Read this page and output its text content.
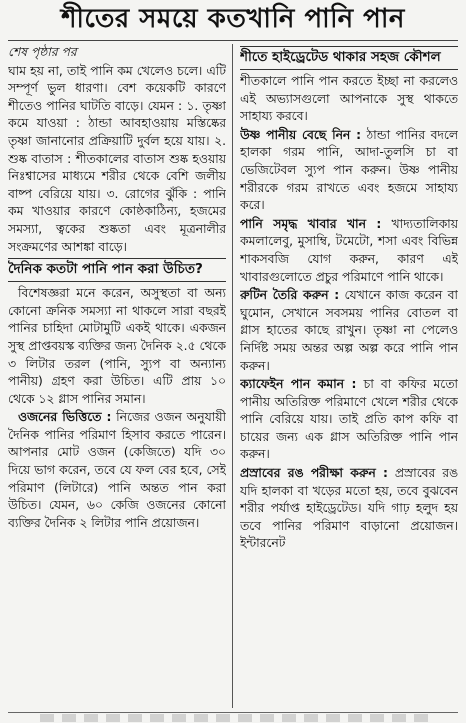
শীতের সময়ে কতখানি পানি পান

শেষ পৃষ্ঠার পর

ঘাম হয় না, তাই পানি কম খেলেও চলে। এটি সম্পূর্ণ ভুল ধারণা। বেশ কয়েকটি কারণে শীতেও পানির ঘাটতি বাড়ে। যেমন : ১. তৃষ্ণা কমে যাওয়া : ঠান্ডা আবহাওয়ায় মস্তিষ্কের তৃষ্ণা জানানোর প্রক্রিয়াটি দুর্বল হয়ে যায়। ২. শুষ্ক বাতাস : শীতকালের বাতাস শুষ্ক হওয়ায় নিঃশ্বাসের মাধ্যমে শরীর থেকে বেশি জলীয় বাষ্প বেরিয়ে যায়। ৩. রোগের ঝুঁকি : পানি কম খাওয়ার কারণে কোষ্ঠকাঠিন্য, হজমের সমস্যা, ত্বকের শুষ্কতা এবং মূত্রনালীর সংক্রমণের আশঙ্কা বাড়ে।

দৈনিক কতটা পানি পান করা উচিত?

বিশেষজ্ঞরা মনে করেন, অসুস্থতা বা অন্য কোনো ক্রনিক সমস্যা না থাকলে সারা বছরই পানির চাহিদা মোটামুটি একই থাকে। একজন সুস্থ প্রাপ্তবয়স্ক ব্যক্তির জন্য দৈনিক ২.৫ থেকে ৩ লিটার তরল (পানি, স্যুপ বা অন্যান্য পানীয়) গ্রহণ করা উচিত। এটি প্রায় ১০ থেকে ১২ গ্লাস পানির সমান।

ওজনের ভিত্তিতে : নিজের ওজন অনুযায়ী দৈনিক পানির পরিমাণ হিসাব করতে পারেন। আপনার মোট ওজন (কেজিতে) যদি ৩০ দিয়ে ভাগ করেন, তবে যে ফল বের হবে, সেই পরিমাণ (লিটারে) পানি অন্তত পান করা উচিত। যেমন, ৬০ কেজি ওজনের কোনো ব্যক্তির দৈনিক ২ লিটার পানি প্রয়োজন।

শীতে হাইড্রেটেড থাকার সহজ কৌশল

শীতকালে পানি পান করতে ইচ্ছা না করলেও এই অভ্যাসগুলো আপনাকে সুস্থ থাকতে সাহায্য করবে।

উষ্ণ পানীয় বেছে নিন : ঠান্ডা পানির বদলে হালকা গরম পানি, আদা-তুলসি চা বা ভেজিটেবল স্যুপ পান করুন। উষ্ণ পানীয় শরীরকে গরম রাখতে এবং হজমে সাহায্য করে।

পানি সমৃদ্ধ খাবার খান : খাদ্যতালিকায় কমলালেবু, মুসাম্বি, টমেটো, শসা এবং বিভিন্ন শাকসবজি যোগ করুন, কারণ এই খাবারগুলোতে প্রচুর পরিমাণে পানি থাকে।

রুটিন তৈরি করুন : যেখানে কাজ করেন বা ঘুমোন, সেখানে সবসময় পানির বোতল বা গ্লাস হাতের কাছে রাখুন। তৃষ্ণা না পেলেও নির্দিষ্ট সময় অন্তর অল্প অল্প করে পানি পান করুন।

ক্যাফেইন পান কমান : চা বা কফির মতো পানীয় অতিরিক্ত পরিমাণে খেলে শরীর থেকে পানি বেরিয়ে যায়। তাই প্রতি কাপ কফি বা চায়ের জন্য এক গ্লাস অতিরিক্ত পানি পান করুন।

প্রস্রাবের রঙ পরীক্ষা করুন : প্রস্রাবের রঙ যদি হালকা বা খড়ের মতো হয়, তবে বুঝবেন শরীর পর্যাপ্ত হাইড্রেটেড। যদি গাঢ় হলুদ হয় তবে পানির পরিমাণ বাড়ানো প্রয়োজন। ইন্টারনেট
